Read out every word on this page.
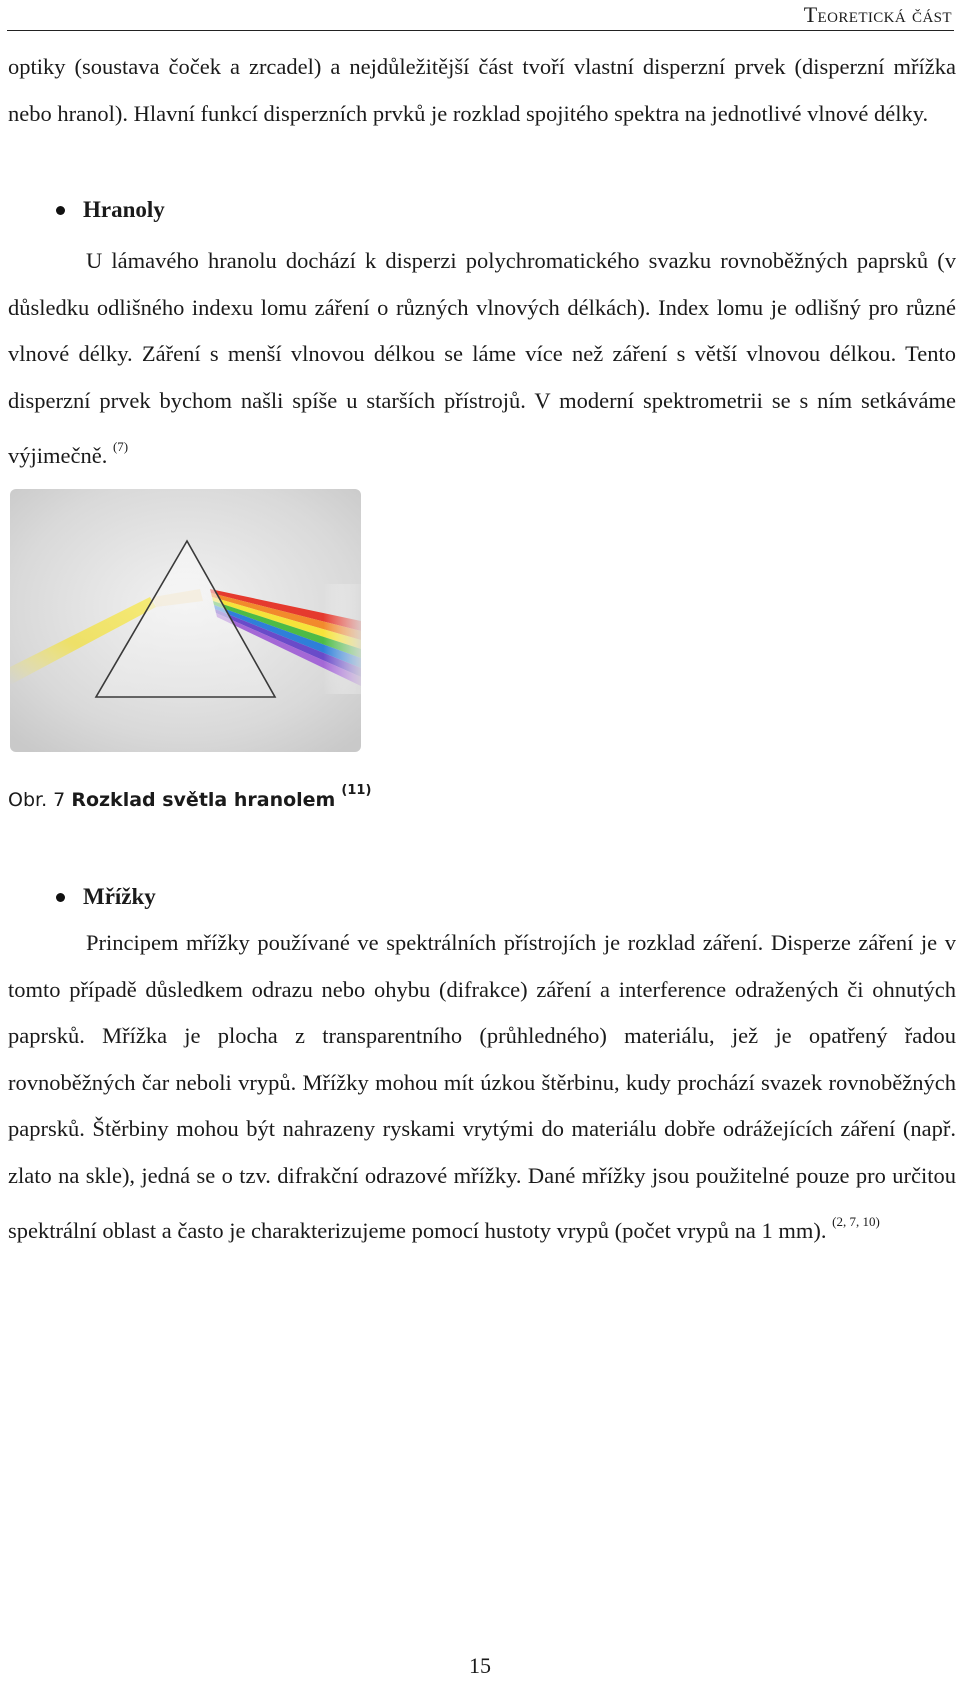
Teoretická část

optiky (soustava čoček a zrcadel) a nejdůležitější část tvoří vlastní disperzní prvek (disperzní mřížka nebo hranol). Hlavní funkcí disperzních prvků je rozklad spojitého spektra na jednotlivé vlnové délky.

Hranoly

U lámavého hranolu dochází k disperzi polychromatického svazku rovnoběžných paprsků (v důsledku odlišného indexu lomu záření o různých vlnových délkách). Index lomu je odlišný pro různé vlnové délky. Záření s menší vlnovou délkou se láme více než záření s větší vlnovou délkou. Tento disperzní prvek bychom našli spíše u starších přístrojů. V moderní spektrometrii se s ním setkáváme výjimečně. $^{(7)}$

Obr. 7 Rozklad světla hranolem $^{(11)}$
Mřížky

Principem mřížky používané ve spektrálních přístrojích je rozklad záření. Disperze záření je v tomto případě důsledkem odrazu nebo ohybu (difrakce) záření a interference odražených či ohnutých paprsků. Mřížka je plocha z transparentního (průhledného) materiálu, jež je opatřený řadou rovnoběžných čar neboli vrypů. Mřížky mohou mít úzkou štěrbinu, kudy prochází svazek rovnoběžných paprsků. Štěrbiny mohou být nahrazeny ryskami vrytými do materiálu dobře odrážejících záření (např. zlato na skle), jedná se o tzv. difrakční odrazové mřížky. Dané mřížky jsou použitelné pouze pro určitou spektrální oblast a často je charakterizujeme pomocí hustoty vrypů (počet vrypů na 1 mm). $^{(2, 7, 10)}$

15
